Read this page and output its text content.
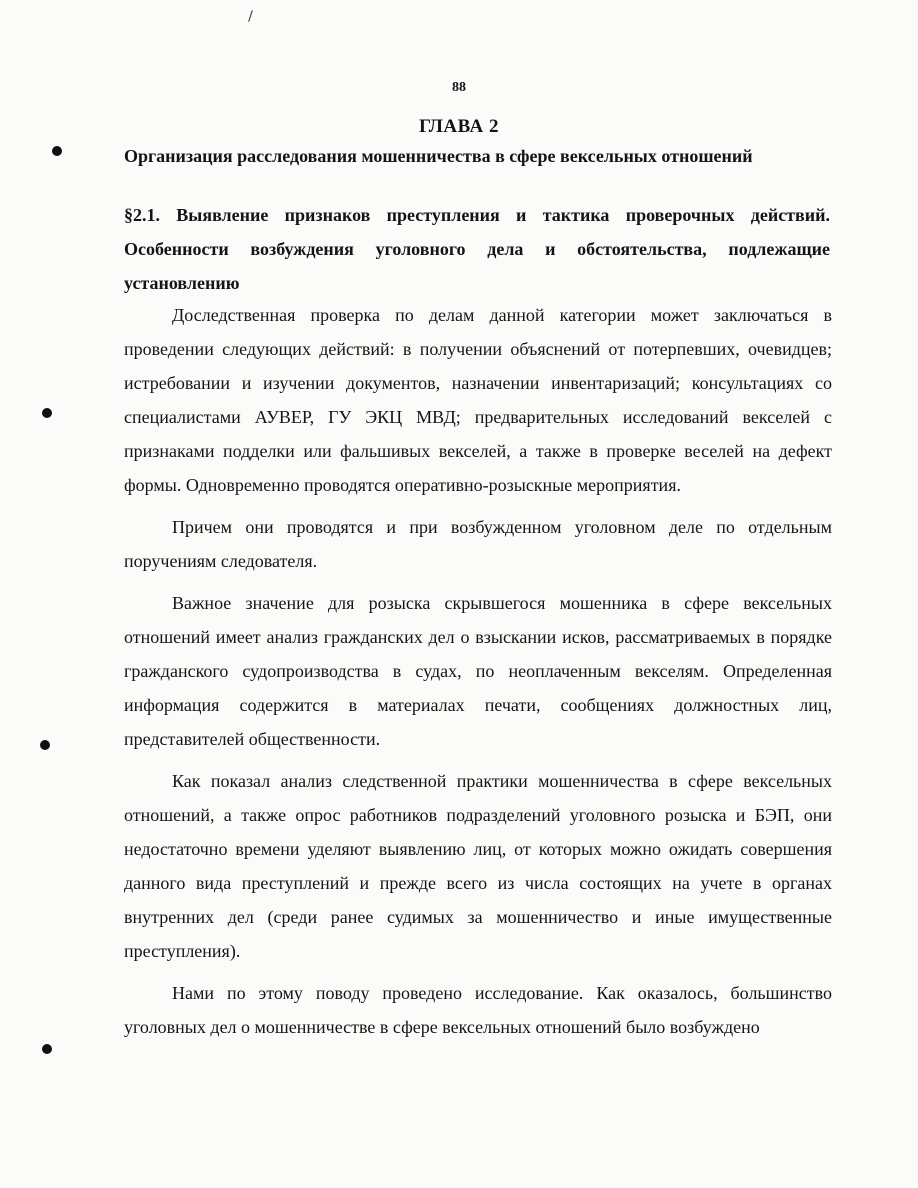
88
ГЛАВА 2
Организация расследования мошенничества в сфере вексельных отношений

§2.1. Выявление признаков преступления и тактика проверочных действий. Особенности возбуждения уголовного дела и обстоятельства, подлежащие установлению

Доследственная проверка по делам данной категории может заключаться в проведении следующих действий: в получении объяснений от потерпевших, очевидцев; истребовании и изучении документов, назначении инвентаризаций; консультациях со специалистами АУВЕР, ГУ ЭКЦ МВД; предварительных исследований векселей с признаками подделки или фальшивых векселей, а также в проверке веселей на дефект формы. Одновременно проводятся оперативно-розыскные мероприятия.

Причем они проводятся и при возбужденном уголовном деле по отдельным поручениям следователя.

Важное значение для розыска скрывшегося мошенника в сфере вексельных отношений имеет анализ гражданских дел о взыскании исков, рассматриваемых в порядке гражданского судопроизводства в судах, по неоплаченным векселям. Определенная информация содержится в материалах печати, сообщениях должностных лиц, представителей общественности.

Как показал анализ следственной практики мошенничества в сфере вексельных отношений, а также опрос работников подразделений уголовного розыска и БЭП, они недостаточно времени уделяют выявлению лиц, от которых можно ожидать совершения данного вида преступлений и прежде всего из числа состоящих на учете в органах внутренних дел (среди ранее судимых за мошенничество и иные имущественные преступления).

Нами по этому поводу проведено исследование. Как оказалось, большинство уголовных дел о мошенничестве в сфере вексельных отношений было возбуждено
